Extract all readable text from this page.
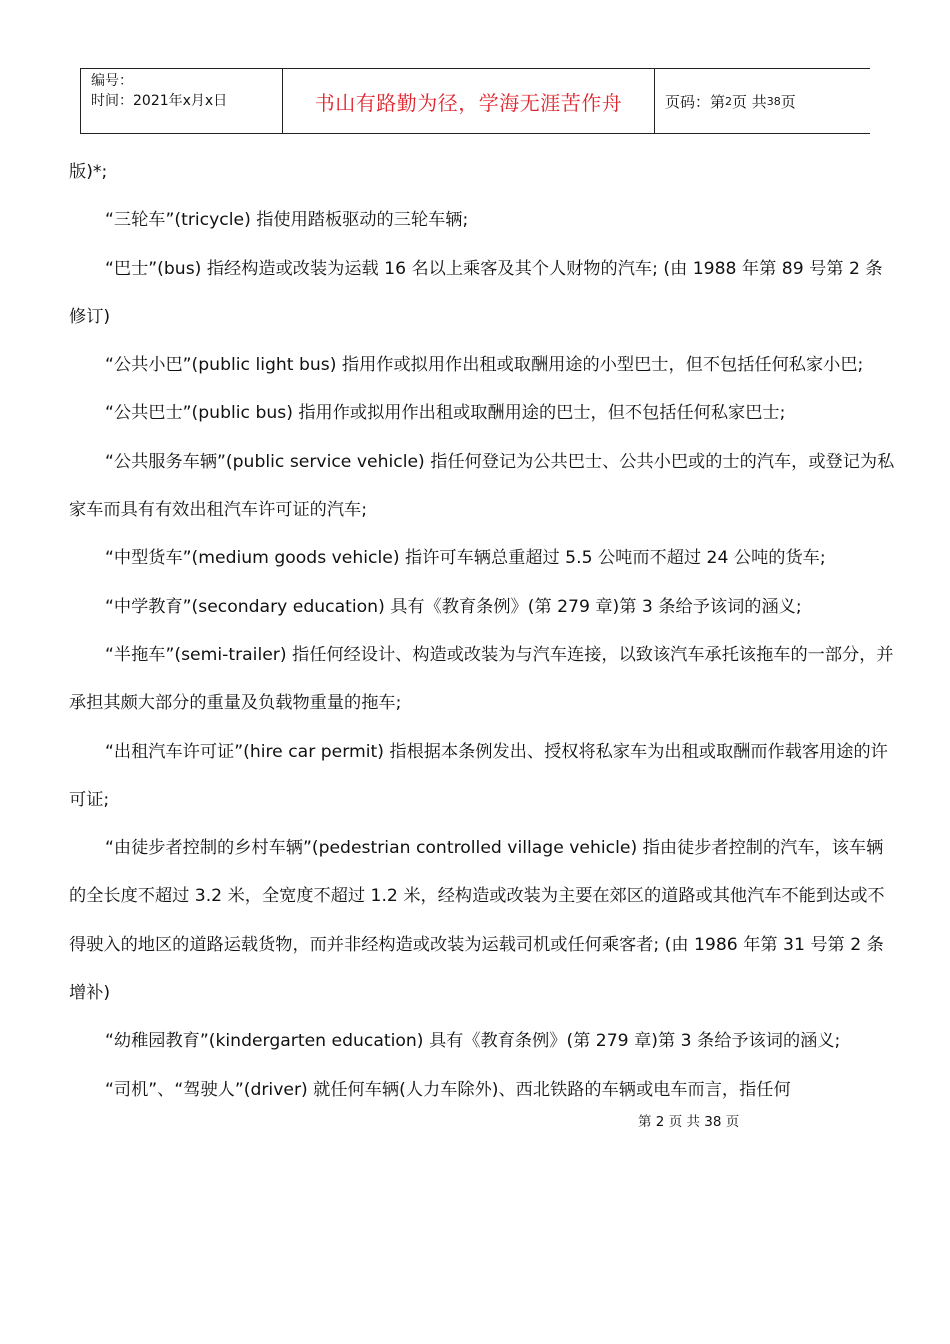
编号：
时间：2021年x月x日	书山有路勤为径，学海无涯苦作舟	页码：第 2 页 共 38 页

版)*;

“三轮车”(tricycle) 指使用踏板驱动的三轮车辆;

“巴士”(bus) 指经构造或改装为运载 16 名以上乘客及其个人财物的汽车; (由 1988 年第 89 号第 2 条修订)

“公共小巴”(public light bus) 指用作或拟用作出租或取酬用途的小型巴士，但不包括任何私家小巴;

“公共巴士”(public bus) 指用作或拟用作出租或取酬用途的巴士，但不包括任何私家巴士;

“公共服务车辆”(public service vehicle) 指任何登记为公共巴士、公共小巴或的士的汽车，或登记为私家车而具有有效出租汽车许可证的汽车;

“中型货车”(medium goods vehicle) 指许可车辆总重超过 5.5 公吨而不超过 24 公吨的货车;

“中学教育”(secondary education) 具有《教育条例》(第 279 章)第 3 条给予该词的涵义;

“半拖车”(semi-trailer) 指任何经设计、构造或改装为与汽车连接，以致该汽车承托该拖车的一部分，并承担其颇大部分的重量及负载物重量的拖车;

“出租汽车许可证”(hire car permit) 指根据本条例发出、授权将私家车为出租或取酬而作载客用途的许可证;

“由徒步者控制的乡村车辆”(pedestrian controlled village vehicle) 指由徒步者控制的汽车，该车辆的全长度不超过 3.2 米，全宽度不超过 1.2 米，经构造或改装为主要在郊区的道路或其他汽车不能到达或不得驶入的地区的道路运载货物，而并非经构造或改装为运载司机或任何乘客者; (由 1986 年第 31 号第 2 条增补)

“幼稚园教育”(kindergarten education) 具有《教育条例》(第 279 章)第 3 条给予该词的涵义;

“司机”、“驾驶人”(driver) 就任何车辆(人力车除外)、西北铁路的车辆或电车而言，指任何

第 2 页 共 38 页
